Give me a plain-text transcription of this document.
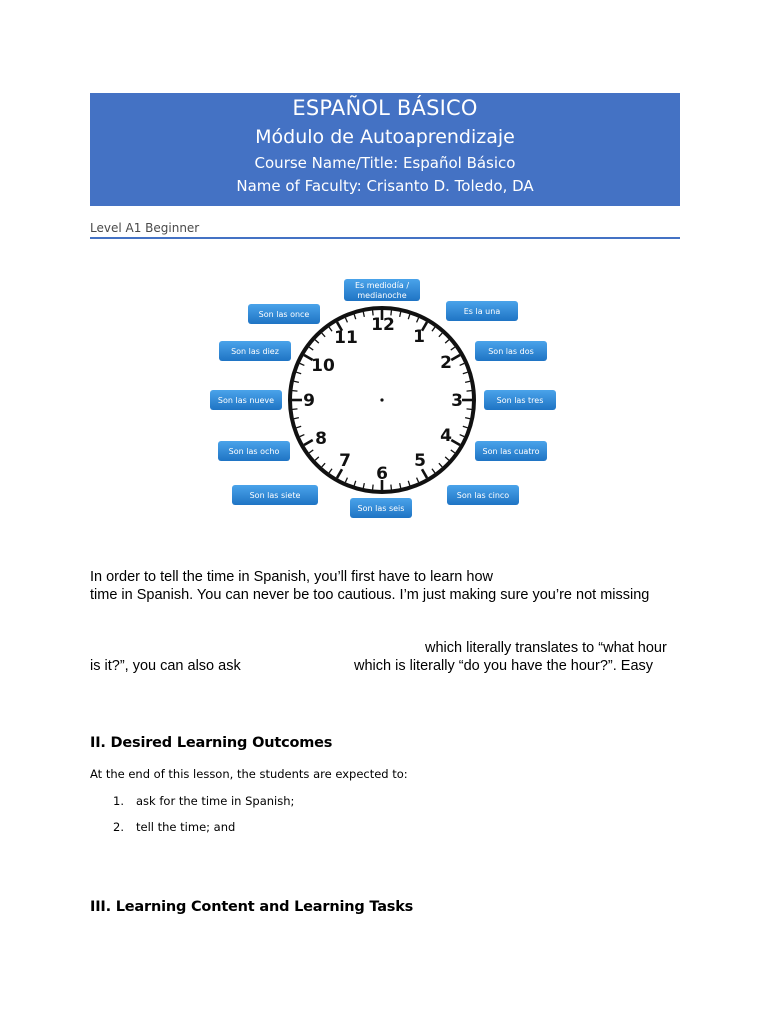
ESPAÑOL BÁSICO
Módulo de Autoaprendizaje
Course Name/Title: Español Básico
Name of Faculty: Crisanto D. Toledo, DA
Level A1 Beginner
12
1
2
3
4
5
6
7
8
9
10
11
Es mediodía /
medianoche
Es la una
Son las dos
Son las tres
Son las cuatro
Son las cinco
Son las seis
Son las siete
Son las ocho
Son las nueve
Son las diez
Son las once
In order to tell the time in Spanish, you’ll first have to learn how
time in Spanish. You can never be too cautious. I’m just making sure you’re not missing
which literally translates to “what hour
is it?”, you can also ask	which is literally “do you have the hour?”. Easy
II. Desired Learning Outcomes
At the end of this lesson, the students are expected to:
1. ask for the time in Spanish;
2. tell the time; and
III. Learning Content and Learning Tasks
